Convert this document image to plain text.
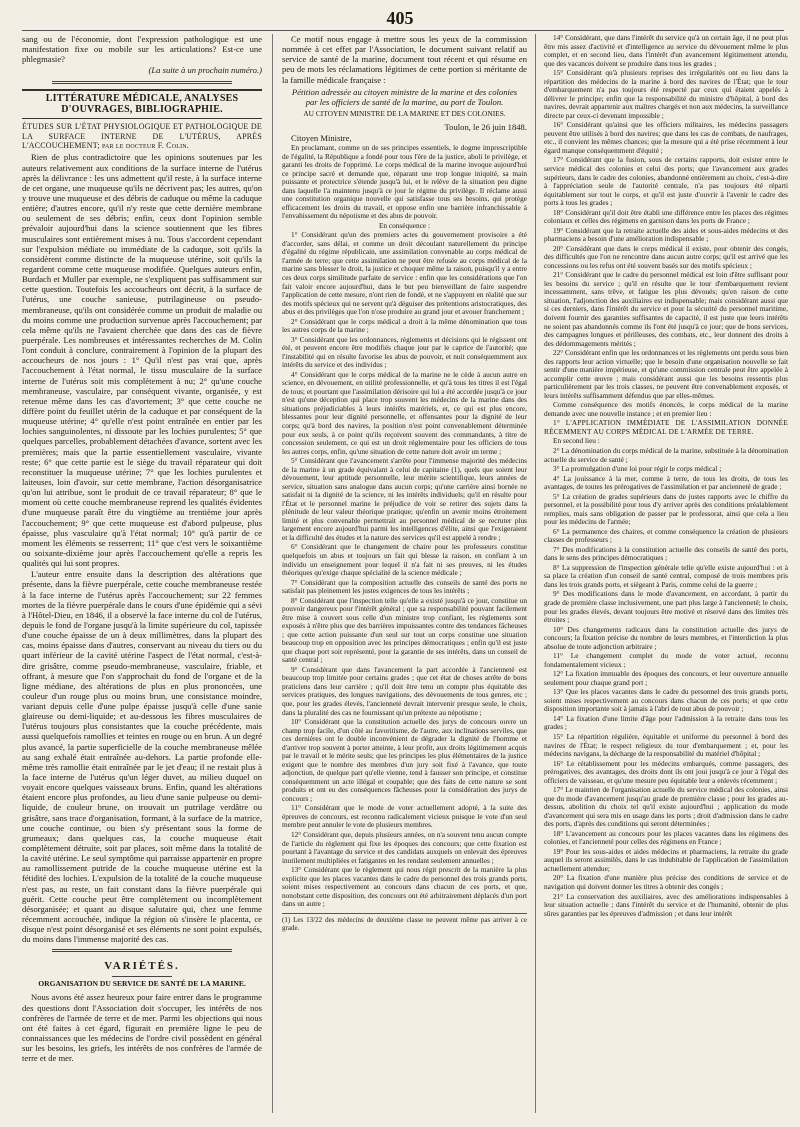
405

sang ou de l'économie, dont l'expression pathologique est une manifestation fixe ou mobile sur les articulations? Est-ce une phlegmasie?

(La suite à un prochain numéro.)

LITTÉRATURE MÉDICALE, ANALYSES D'OUVRAGES, BIBLIOGRAPHIE.

ÉTUDES SUR L'ÉTAT PHYSIOLOGIQUE ET PATHOLOGIQUE DE LA SURFACE INTERNE DE L'UTÉRUS, APRÈS L'ACCOUCHEMENT; par le docteur F. Colin.

Rien de plus contradictoire que les opinions soutenues par les auteurs relativement aux conditions de la surface interne de l'utérus après la délivrance : les uns admettent qu'il reste, à la surface interne de cet organe, une muqueuse qu'ils ne décrivent pas; les autres, qu'on y trouve une muqueuse et des débris de caduque ou même la caduque entière; d'autres encore, qu'il n'y reste que cette dernière membrane ou seulement de ses débris; enfin, ceux dont l'opinion semble prévaloir aujourd'hui dans la science soutiennent que les fibres musculaires sont entièrement mises à nu. Tous s'accordent cependant sur l'expulsion médiate ou immédiate de la caduque, soit qu'ils la considèrent comme distincte de la muqueuse utérine, soit qu'ils la regardent comme cette muqueuse modifiée. Quelques auteurs enfin, Burdach et Muller par exemple, ne s'expliquent pas suffisamment sur cette question. Toutefois les accoucheurs ont décrit, à la surface de l'utérus, une couche sanieuse, putrilagineuse ou pseudo-membraneuse, qu'ils ont considérée comme un produit de maladie ou du moins comme une production survenue après l'accouchement; par cela même qu'ils ne l'avaient cherchée que dans des cas de fièvre puerpérale. Les nombreuses et intéressantes recherches de M. Colin l'ont conduit à conclure, contrairement à l'opinion de la plupart des accoucheurs de nos jours : 1° Qu'il n'est pas vrai que, après l'accouchement à l'état normal, le tissu musculaire de la surface interne de l'utérus soit mis complètement à nu; 2° qu'une couche membraneuse, vasculaire, par conséquent vivante, organisée, y est retenue même dans les cas d'avortement; 3° que cette couche ne diffère point du feuillet utérin de la caduque et par conséquent de la muqueuse utérine; 4° qu'elle n'est point entraînée en entier par les lochies sanguinolentes, ni dissoute par les lochies purulentes; 5° que quelques parcelles, probablement détachées d'avance, sortent avec les premières; mais que la partie essentiellement vasculaire, vivante reste; 6° que cette partie est le siège du travail réparateur qui doit reconstituer la muqueuse utérine; 7° que les lochies purulentes et laiteuses, loin d'avoir, sur cette membrane, l'action désorganisatrice qu'on lui attribue, sont le produit de ce travail réparateur; 8° que le moment où cette couche membraneuse reprend les qualités évidentes d'une muqueuse paraît être du vingtième au trentième jour après l'accouchement; 9° que cette muqueuse est d'abord pulpeuse, plus épaisse, plus vasculaire qu'à l'état normal; 10° qu'à partir de ce moment les éléments se resserrent; 11° que c'est vers le soixantième ou soixante-dixième jour après l'accouchement qu'elle a repris les qualités qui lui sont propres.

L'auteur entre ensuite dans la description des altérations que présente, dans la fièvre puerpérale, cette couche membraneuse restée à la face interne de l'utérus après l'accouchement; sur 22 femmes mortes de la fièvre puerpérale dans le cours d'une épidémie qui a sévi à l'Hôtel-Dieu, en 1846, il a observé la face interne du col de l'utérus, depuis le fond de l'organe jusqu'à la limite supérieure du col, tapissée d'une couche épaisse de un à deux millimètres, dans la plupart des cas, moins épaisse dans d'autres, conservant au niveau du tiers ou du quart inférieur de la cavité utérine l'aspect de l'état normal, c'est-à-dire grisâtre, comme pseudo-membraneuse, vasculaire, friable, et offrant, à mesure que l'on s'approchait du fond de l'organe et de la ligne médiane, des altérations de plus en plus prononcées, une couleur d'un rouge plus ou moins brun, une consistance moindre, variant depuis celle d'une pulpe épaisse jusqu'à celle d'une sanie glaireuse ou demi-liquide; et au-dessous les fibres musculaires de l'utérus toujours plus consistantes que la couche précédente, mais aussi quelquefois ramollies et teintes en rouge ou en brun. A un degré plus avancé, la partie superficielle de la couche membraneuse mêlée au sang exhalé était entraînée au-dehors. La partie profonde elle-même très ramollie était entraînée par le jet d'eau; il ne restait plus à la face interne de l'utérus qu'un léger duvet, au milieu duquel on voyait encore quelques vaisseaux bruns. Enfin, quand les altérations étaient encore plus profondes, au lieu d'une sanie pulpeuse ou demi-liquide, de couleur brune, on trouvait un putrilage verdâtre ou grisâtre, sans trace d'organisation, formant, à la surface de la matrice, une couche continue, ou bien s'y présentant sous la forme de grumeaux; dans quelques cas, la couche muqueuse était complètement détruite, soit par places, soit même dans la totalité de la cavité utérine. Le seul symptôme qui parraisse appartenir en propre au ramollissement putride de la couche muqueuse utérine est la fétidité des lochies. L'expulsion de la totalité de la couche muqueuse n'est pas, au reste, un fait constant dans la fièvre puerpérale qui guérit. Cette couche peut être complètement ou incomplètement désorganisée; et quant au disque salutaire qui, chez une femme récemment accouchée, indique la région où s'insère le placenta, ce disque n'est point désorganisé et ses éléments ne sont point expulsés, du moins dans l'immense majorité des cas.

VARIÉTÉS.

ORGANISATION DU SERVICE DE SANTÉ DE LA MARINE.

Nous avons été assez heureux pour faire entrer dans le programme des questions dont l'Association doit s'occuper, les intérêts de nos confrères de l'armée de terre et de mer. Parmi les objections qui nous ont été faites à cet égard, figurait en première ligne le peu de connaissances que les médecins de l'ordre civil possèdent en général sur les besoins, les griefs, les intérêts de nos confrères de l'armée de terre et de mer.

Ce motif nous engage à mettre sous les yeux de la commission nommée à cet effet par l'Association, le document suivant relatif au service de santé de la marine, document tout récent et qui résume en peu de mots les réclamations légitimes de cette portion si méritante de la famille médicale française :

Pétition adressée au citoyen ministre de la marine et des colonies par les officiers de santé de la marine, au port de Toulon.

AU CITOYEN MINISTRE DE LA MARINE ET DES COLONIES.

Toulon, le 26 juin 1848.

Citoyen Ministre,

En proclamant, comme un de ses principes essentiels, le dogme imprescriptible de l'égalité, la République a fondé pour tous l'ère de la justice, aboli le privilège, et garanti les droits de l'opprimé. Le corps médical de la marine invoque aujourd'hui ce principe sacré et demande que, réparant une trop longue iniquité, sa main puissante et protectrice s'étende jusqu'à lui, et le relève de la situation peu digne dans laquelle l'a maintenu jusqu'à ce jour le régime du privilège. Il réclame aussi une constitution organique nouvelle qui satisfasse tous ses besoins, qui protège efficacement les droits du travail, et oppose enfin une barrière infranchissable à l'envahissement du népotisme et des abus de pouvoir.

En conséquence :

1° Considérant qu'un des premiers actes du gouvernement provisoire a été d'accorder, sans délai, et comme un droit découlant naturellement du principe d'égalité du régime républicain, une assimilation convenable au corps médical de l'armée de terre; que cette assimilation ne peut être refusée au corps médical de la marine sans blesser le droit, la justice et choquer même la raison, puisqu'il y a entre ces deux corps similitude parfaite de service : enfin que les considérations que l'on fait valoir encore aujourd'hui, dans le but peu bienveillant de faire suspendre l'application de cette mesure, n'ont rien de fondé, et ne s'appuyent en réalité que sur des motifs spécieux qui ne servent qu'à déguiser des prétentions aristocratiques, des abus et des privilèges que l'on n'ose produire au grand jour et avouer franchement ;

2° Considérant que le corps médical a droit à la même dénomination que tous les autres corps de la marine ;

3° Considérant que les ordonnances, règlements et décisions qui le régissent ont été, et peuvent encore être modifiés chaque jour par le caprice de l'autorité; que l'instabilité qui en résulte favorise les abus de pouvoir, et nuit conséquemment aux intérêts du service et des individus ;

4° Considérant que le corps médical de la marine ne le cède à aucun autre en science, en dévouement, en utilité professionnelle, et qu'à tous les titres il est l'égal de tous; et pourtant que l'assimilation dérisoire qui lui a été accordée jusqu'à ce jour n'est qu'une déception qui place trop souvent les médecins de la marine dans des situations préjudiciables à leurs intérêts matériels, et, ce qui est plus encore, blessantes pour leur dignité personnelle, et offensantes pour la dignité de leur corps; qu'à bord des navires, la position n'est point convenablement déterminée pour eux seuls, à ce point qu'ils reçoivent souvent des commandants, à titre de concession seulement, ce qui est un droit réglementaire pour les officiers de tous les autres corps, enfin, qu'une situation de cette nature doit avoir un terme ;

5° Considérant que l'avancement s'arrête pour l'immense majorité des médecins de la marine à un grade équivalant à celui de capitaine (1), quels que soient leur dévouement, leur aptitude personnelle, leur mérite scientifique, leurs années de service, situation sans analogue dans aucun corps; qu'une carrière ainsi bornée ne satisfait ni la dignité de la science, ni les intérêts individuels; qu'il en résulte pour l'État et le personnel marine le préjudice de voir se retirer des sujets dans la plénitude de leur valeur théorique pratique; qu'enfin un avenir moins étroitement limité et plus convenable permettrait au personnel médical de se recruter plus largement encore aujourd'hui parmi les intelligences d'élite, ainsi que l'exigeraient et la difficulté des études et la nature des services qu'il est appelé à rendre ;

6° Considérant que le changement de chaire pour les professeurs constitue quelquefois un abus et toujours un fait qui blesse la raison, en confiant à un individu un enseignement pour lequel il n'a fait ni ses preuves, ni les études théoriques qu'exige chaque spécialité de la science médicale ;

7° Considérant que la composition actuelle des conseils de santé des ports ne satisfait pas pleinement les justes exigences de tous les intérêts ;

8° Considérant que l'inspection telle qu'elle a existé jusqu'à ce jour, constitue un pouvoir dangereux pour l'intérêt général ; que sa responsabilité pouvant facilement être mise à couvert sous celle d'un ministre trop confiant, les règlements sont exposés à n'être plus que des barrières impuissantes contre des tendances fâcheuses ; que cette action puissante d'un seul sur tout un corps constitue une situation beaucoup trop en opposition avec les principes démocratiques ; enfin qu'il est juste que chaque port soit représenté, pour la garantie de ses intérêts, dans un conseil de santé central ;

9° Considérant que dans l'avancement la part accordée à l'ancienneté est beaucoup trop limitée pour certains grades ; que cet état de choses arrête de bons praticiens dans leur carrière ; qu'il doit être tenu un compte plus équitable des services pratiques, des longues navigations, des dévouements de tous genres, etc ; que, pour les grades élevés, l'ancienneté devrait intervenir presque seule, le choix, dans la pluralité des cas ne fournissant qu'un prétexte au népotisme ;

10° Considérant que la constitution actuelle des jurys de concours ouvre un champ trop facile, d'un côté au favoritisme, de l'autre, aux inclinations serviles, que ces dernières ont le double inconvénient de dégrader la dignité de l'homme et d'arriver trop souvent à porter atteinte, à leur profit, aux droits légitimement acquis par le travail et le mérite seuls; que les principes les plus élémentaires de la justice exigent que le nombre des membres d'un jury soit fixé à l'avance, que toute adjonction, de quelque part qu'elle vienne, tend à fausser son principe, et constitue conséquemment un acte illégal et coupable; que des faits de cette nature se sont produits et ont eu des conséquences fâcheuses pour la considération des jurys de concours ;

11° Considérant que le mode de voter actuellement adopté, à la suite des épreuves de concours, est reconnu radicalement vicieux puisque le vote d'un seul membre peut annuler le vote de plusieurs membres.

12° Considérant que, depuis plusieurs années, on n'a souvent tenu aucun compte de l'article du règlement qui fixe les époques des concours; que cette fixation est pourtant à l'avantage du service et des candidats auxquels on enlevait des épreuves inutilement multipliées et fatigantes en les rendant seulement annuelles ;

13° Considérant que le règlement qui nous régit prescrit de la manière la plus explicite que les places vacantes dans le cadre du personnel des trois grands ports, soient mises respectivement au concours dans chacun de ces ports, et que, nonobstant cette disposition, des concours ont été arbitrairement déplacés d'un port dans un autre ;

(1) Les 13/22 des médecins de deuxième classe ne peuvent même pas arriver à ce grade.

14° Considérant, que dans l'intérêt du service qu'à un certain âge, il ne peut plus être mis assez d'activité et d'intelligence au service du dévouement même le plus complet, et en second lieu, dans l'intérêt d'un avancement légitimement attendu, que des vacances doivent se produire dans tous les grades ;

15° Considérant qu'à plusieurs reprises des irrégularités ont eu lieu dans la répartition des médecins de la marine à bord des navires de l'État; que le tour d'embarquement n'a pas toujours été respecté par ceux qui étaient appelés à délivrer le principe; enfin que la responsabilité du ministre d'hôpital, à bord des navires, devrait appartenir aux maîtres chargés et non aux médecins, la surveillance directe par ceux-ci devenant impossible ;

16° Considérant qu'ainsi que les officiers militaires, les médecins passagers peuvent être utilisés à bord des navires; que dans les cas de combats, de naufrages, etc., il convient les mêmes chances; que la mesure qui a été prise récemment à leur égard manque conséquemment d'équité ;

17° Considérant que la fusion, sous de certains rapports, doit exister entre le service médical des colonies et celui des ports; que l'avancement aux grades supérieurs, dans le cadre des colonies, abandonné entièrement au choix, c'est-à-dire à l'appréciation seule de l'autorité centrale, n'a pas toujours été réparti équitablement sur tout le corps, et qu'il est juste d'ouvrir à l'avenir le cadre des ports à tous les grades ;

18° Considérant qu'il doit être établi une différence entre les places des régimes coloniaux et celles des régimens en garnison dans les ports de France ;

19° Considérant que la retraite actuelle des aides et sous-aides médecins et des pharmaciens a besoin d'une amélioration indispensable ;

20° Considérant que dans le corps médical il existe, pour obtenir des congés, des difficultés que l'on ne rencontre dans aucun autre corps; qu'il est arrivé que les concessions ou les refus ont été souvent basés sur des motifs spécieux ;

21° Considérant que le cadre du personnel médical est loin d'être suffisant pour les besoins du service ; qu'il en résulte que le tour d'embarquement revient incessamment, sans trêve, et fatigue les plus dévoués; qu'en raison de cette situation, l'adjonction des auxiliaires est indispensable; mais considérant aussi que si ces derniers, dans l'intérêt du service et pour la sécurité du personnel maritime, doivent fournir des garanties suffisantes de capacité, il est juste que leurs intérêts ne soient pas abandonnés comme ils l'ont été jusqu'à ce jour; que de bons services, des campagnes longues et périlleuses, des combats, etc., leur donnent des droits à des dédommagements mérités ;

22° Considérant enfin que les ordonnances et les règlements ont perdu sous bien des rapports leur action virtuelle; que le besoin d'une organisation nouvelle se fait sentir d'une manière impérieuse, et qu'une commission centrale peut être appelée à accomplir cette œuvre ; mais considérant aussi que les besoins ressentis plus particulièrement par les trois classes, ne peuvent être convenablement exposés, et leurs intérêts suffisamment défendus que par elles-mêmes.

Comme conséquence des motifs énoncés, le corps médical de la marine demande avec une nouvelle instance ; et en premier lieu :

1° L'APPLICATION IMMÉDIATE DE L'ASSIMILATION DONNÉE RÉCEMMENT AU CORPS MÉDICAL DE L'ARMÉE DE TERRE.

En second lieu :

2° La dénomination du corps médical de la marine, substituée à la dénomination actuelle du service de santé ;

3° La promulgation d'une loi pour régir le corps médical ;

4° La jouissance à la mer, comme à terre, de tous les droits, de tous les avantages, de toutes les prérogatives de l'assimilation et par ancienneté de grade ;

5° La création de grades supérieurs dans de justes rapports avec le chiffre du personnel, et la possibilité pour tous d'y arriver après des conditions préalablement remplies, mais sans obligation de passer par le professorat, ainsi que cela a lieu pour les médecins de l'armée;

6° La permanence des chaires, et comme conséquence la création de plusieurs classes de professeurs ;

7° Des modifications à la constitution actuelle des conseils de santé des ports, dans le sens des principes démocratiques ;

8° La suppression de l'inspection générale telle qu'elle existe aujourd'hui : et à sa place la création d'un conseil de santé central, composé de trois membres pris dans les trois grands ports, et siégeant à Paris, comme celui de la guerre ;

9° Des modifications dans le mode d'avancement, en accordant, à partir du grade de première classe inclusivement, une part plus large à l'ancienneté; le choix, pour les grades élevés, devant toujours être motivé et réservé dans des limites très étroites ;

10° Des changements radicaux dans la constitution actuelle des jurys de concours; la fixation précise du nombre de leurs membres, et l'interdiction la plus absolue de toute adjonction arbitraire ;

11° Le changement complet du mode de voter actuel, reconnu fondamentalement vicieux ;

12° La fixation immuable des époques des concours, et leur ouverture annuelle seulement pour chaque grand port ;

13° Que les places vacantes dans le cadre du personnel des trois grands ports, soient mises respectivement au concours dans chacun de ces ports; et que cette disposition importante soit à jamais à l'abri de tout abus de pouvoir ;

14° La fixation d'une limite d'âge pour l'admission à la retraite dans tous les grades ;

15° La répartition régulière, équitable et uniforme du personnel à bord des navires de l'État; le respect religieux du tour d'embarquement ; et, pour les médecins navigans, la décharge de la responsabilité du matériel d'hôpital ;

16° Le rétablissement pour les médecins embarqués, comme passagers, des prérogatives, des avantages, des droits dont ils ont joui jusqu'à ce jour à l'égal des officiers de vaisseau, et qu'une mesure peu équitable leur a enlevés récemment ;

17° Le maintien de l'organisation actuelle du service médical des colonies, ainsi que du mode d'avancement jusqu'au grade de première classe ; pour les grades au-dessus, abolition du choix tel qu'il existe aujourd'hui ; application du mode d'avancement qui sera mis en usage dans les ports ; droit d'admission dans le cadre des ports, d'après des conditions qui seront déterminées ;

18° L'avancement au concours pour les places vacantes dans les régimens des colonies, et l'ancienneté pour celles des régimens en France ;

19° Pour les sous-aides et aides médecins et pharmaciens, la retraite du grade auquel ils seront assimilés, dans le cas indubitable de l'application de l'assimilation actuellement attendue;

20° La fixation d'une manière plus précise des conditions de service et de navigation qui doivent donner les titres à obtenir des congés ;

21° La conservation des auxiliaires, avec des améliorations indispensables à leur situation actuelle ; dans l'intérêt du service et de l'humanité, obtenir de plus sûres garanties par les épreuves d'admission ; et dans leur intérêt
